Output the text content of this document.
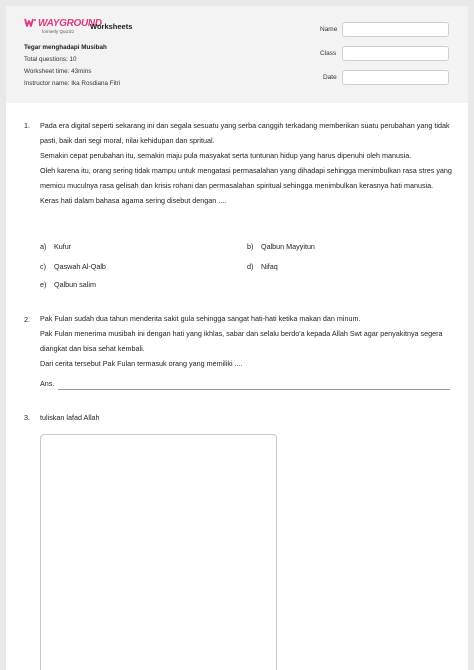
WAYGROUND
formerly Quizizz
Worksheets
Tegar menghadapi Musibah
Total questions: 10
Worksheet time: 43mins
Instructor name: Ika Rosdiana Fitri
Name
Class
Date
1. Pada era digital seperti sekarang ini dan segala sesuatu yang serba canggih terkadang memberikan suatu perubahan yang tidak pasti, baik dari segi moral, nilai kehidupan dan spritual.

Semakin cepat perubahan itu, semakin maju pula masyakat serta tuntunan hidup yang harus dipenuhi oleh manusia.

Oleh karena itu, orang sering tidak mampu untuk mengatasi permasalahan yang dihadapi sehingga menimbulkan rasa stres yang memicu muculnya rasa gelisah dan krisis rohani dan permasalahan spiritual sehingga menimbulkan kerasnya hati manusia.

Keras hati dalam bahasa agama sering disebut dengan ....

a) Kufur	b) Qalbun Mayyitun
c) Qaswah Al-Qalb	d) Nifaq
e) Qalbun salim
2. Pak Fulan sudah dua tahun menderita sakit gula sehingga sangat hati-hati ketika makan dan minum.

Pak Fulan menerima musibah ini dengan hati yang ikhlas, sabar dan selalu berdo'a kepada Allah Swt agar penyakitnya segera diangkat dan bisa sehat kembali.

Dari cerita tersebut Pak Fulan termasuk orang yang memiliki ....

Ans.
3. tuliskan lafad Allah
